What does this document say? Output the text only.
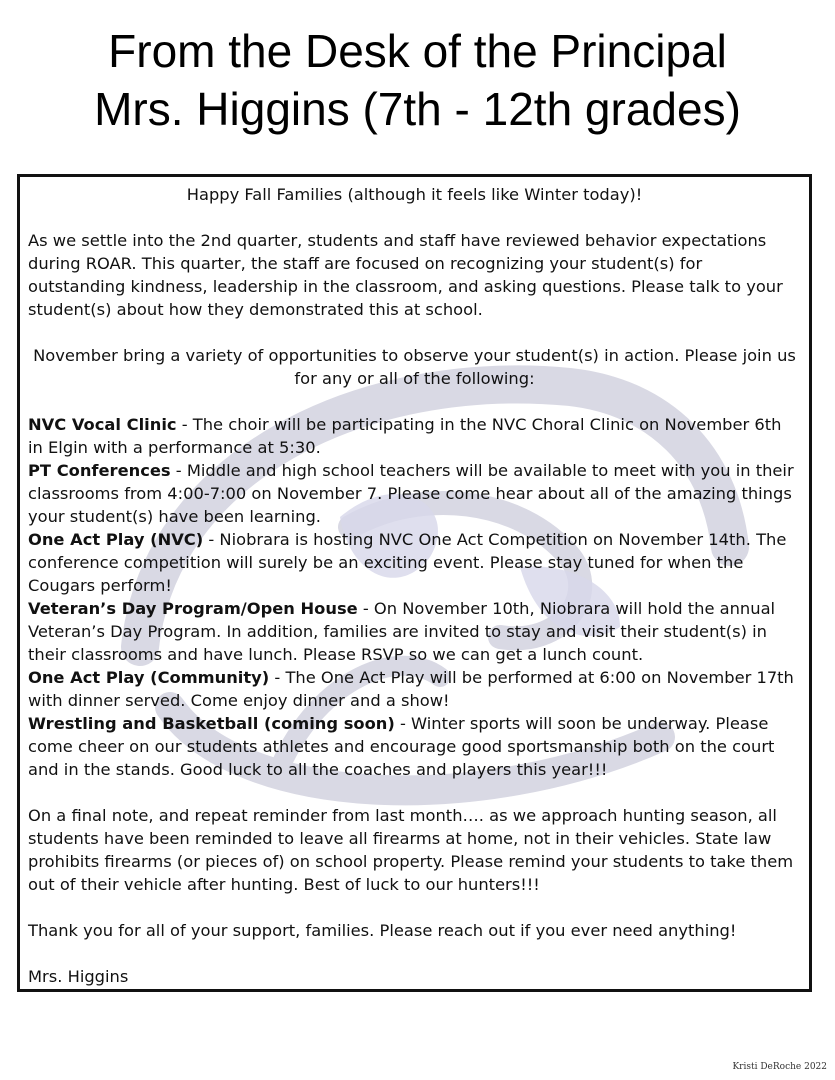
From the Desk of the Principal
Mrs. Higgins (7th - 12th grades)

Happy Fall Families (although it feels like Winter today)!

As we settle into the 2nd quarter, students and staff have reviewed behavior expectations during ROAR. This quarter, the staff are focused on recognizing your student(s) for outstanding kindness, leadership in the classroom, and asking questions. Please talk to your student(s) about how they demonstrated this at school.

November bring a variety of opportunities to observe your student(s) in action. Please join us for any or all of the following:

NVC Vocal Clinic - The choir will be participating in the NVC Choral Clinic on November 6th in Elgin with a performance at 5:30.

PT Conferences - Middle and high school teachers will be available to meet with you in their classrooms from 4:00-7:00 on November 7. Please come hear about all of the amazing things your student(s) have been learning.

One Act Play (NVC) - Niobrara is hosting NVC One Act Competition on November 14th. The conference competition will surely be an exciting event. Please stay tuned for when the Cougars perform!

Veteran’s Day Program/Open House - On November 10th, Niobrara will hold the annual Veteran’s Day Program. In addition, families are invited to stay and visit their student(s) in their classrooms and have lunch. Please RSVP so we can get a lunch count.

One Act Play (Community) - The One Act Play will be performed at 6:00 on November 17th with dinner served. Come enjoy dinner and a show!

Wrestling and Basketball (coming soon) - Winter sports will soon be underway. Please come cheer on our students athletes and encourage good sportsmanship both on the court and in the stands. Good luck to all the coaches and players this year!!!

On a final note, and repeat reminder from last month…. as we approach hunting season, all students have been reminded to leave all firearms at home, not in their vehicles. State law prohibits firearms (or pieces of) on school property. Please remind your students to take them out of their vehicle after hunting. Best of luck to our hunters!!!

Thank you for all of your support, families. Please reach out if you ever need anything!

Mrs. Higgins

Kristi DeRoche 2022
